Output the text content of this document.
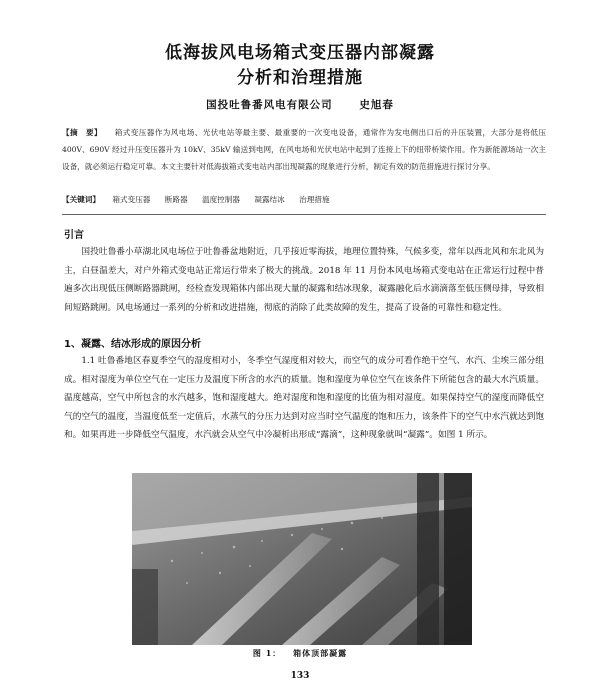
低海拔风电场箱式变压器内部凝露
分析和治理措施
国投吐鲁番风电有限公司	史旭春
【摘　要】 箱式变压器作为风电场、光伏电站等最主要、最重要的一次变电设备，通常作为发电侧出口后的升压装置，大部分是将低压 400V、690V 经过升压变压器升为 10kV、35kV 输送到电网，在风电场和光伏电站中起到了连接上下的纽带桥梁作用。作为新能源场站一次主设备，就必须运行稳定可靠。本文主要针对低海拔箱式变电站内部出现凝露的现象进行分析，制定有效的防范措施进行探讨分享。
【关键词】 箱式变压器 断路器 温度控制器 凝露结冰 治理措施
引言
国投吐鲁番小草湖北风电场位于吐鲁番盆地附近，几乎接近零海拔，地理位置特殊，气候多变，常年以西北风和东北风为主，白昼温差大，对户外箱式变电站正常运行带来了极大的挑战。2018 年 11 月份本风电场箱式变电站在正常运行过程中普遍多次出现低压侧断路器跳闸，经检查发现箱体内部出现大量的凝露和结冰现象，凝露融化后水滴滴落至低压侧母排，导致相间短路跳闸。风电场通过一系列的分析和改进措施，彻底的消除了此类故障的发生，提高了设备的可靠性和稳定性。
1、凝露、结冰形成的原因分析
1.1 吐鲁番地区春夏季空气的湿度相对小，冬季空气湿度相对较大，而空气的成分可看作绝干空气、水汽、尘埃三部分组成。相对湿度为单位空气在一定压力及温度下所含的水汽的质量。饱和湿度为单位空气在该条件下所能包含的最大水汽质量。温度越高，空气中所包含的水汽越多，饱和湿度越大。绝对湿度和饱和湿度的比值为相对湿度。如果保持空气的湿度而降低空气的空气的温度，当温度低至一定值后，水蒸气的分压力达到对应当时空气温度的饱和压力，该条件下的空气中水汽就达到饱和。如果再进一步降低空气温度，水汽就会从空气中冷凝析出形成“露滴”，这种现象就叫“凝露”。如图 1 所示。
图 1： 箱体顶部凝露
133
